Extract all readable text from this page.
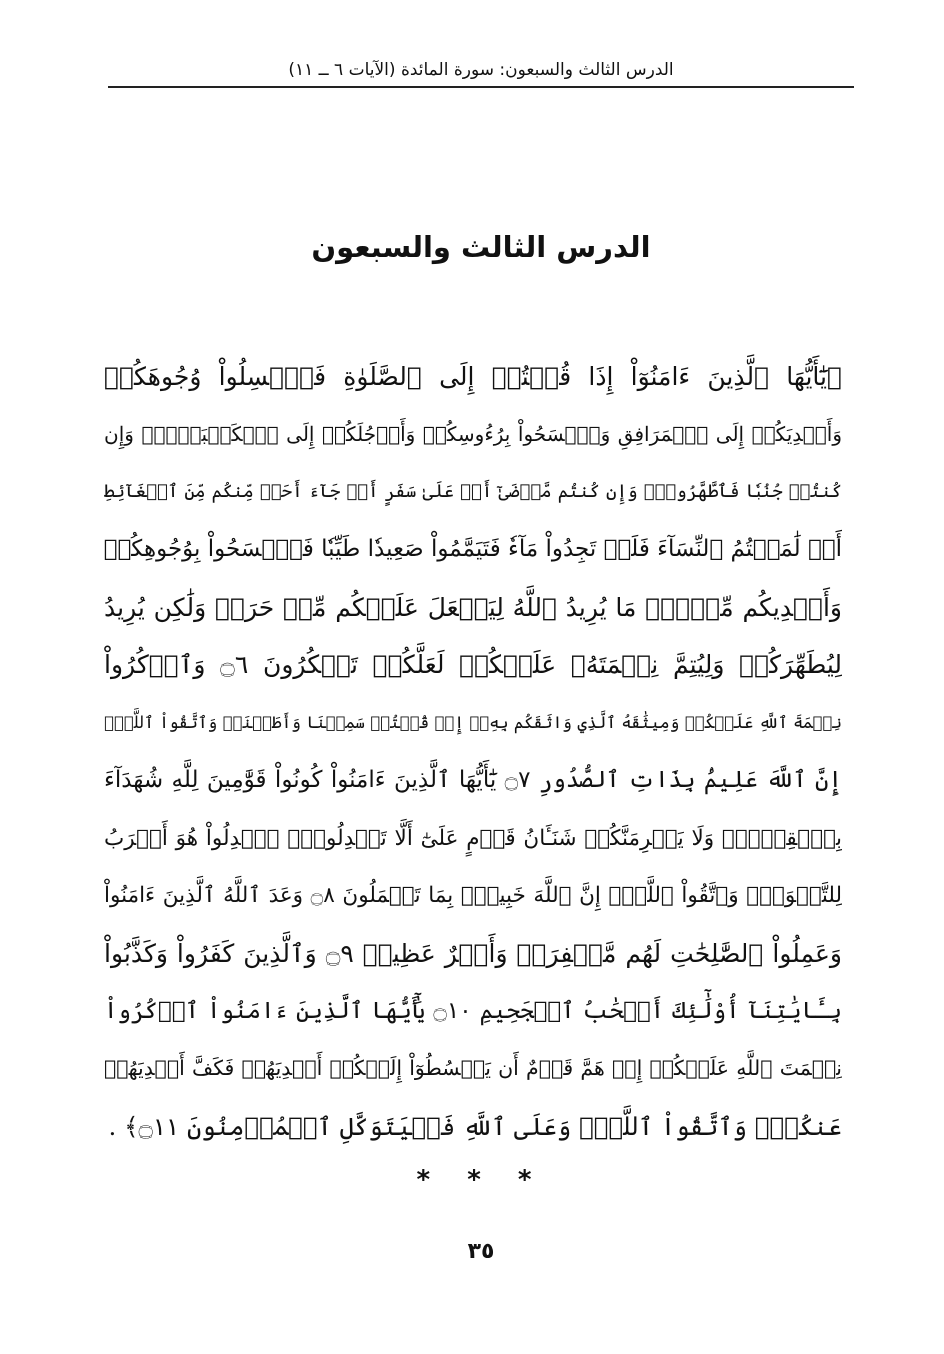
الدرس الثالث والسبعون: سورة المائدة (الآيات ٦ ــ ١١)
الدرس الثالث والسبعون
﴿يَٰٓأَيُّهَا ٱلَّذِينَ ءَامَنُوٓاْ إِذَا قُمۡتُمۡ إِلَى ٱلصَّلَوٰةِ فَٱغۡسِلُواْ وُجُوهَكُمۡ
وَأَيۡدِيَكُمۡ إِلَى ٱلۡمَرَافِقِ وَٱمۡسَحُواْ بِرُءُوسِكُمۡ وَأَرۡجُلَكُمۡ إِلَى ٱلۡكَعۡبَيۡنِۚ وَإِن
كُنتُمۡ جُنُبٗا فَٱطَّهَّرُواْۚ وَإِن كُنتُم مَّرۡضَىٰٓ أَوۡ عَلَىٰ سَفَرٍ أَوۡ جَآءَ أَحَدٞ مِّنكُم مِّنَ ٱلۡغَآئِطِ
أَوۡ لَٰمَسۡتُمُ ٱلنِّسَآءَ فَلَمۡ تَجِدُواْ مَآءٗ فَتَيَمَّمُواْ صَعِيدٗا طَيِّبٗا فَٱمۡسَحُواْ بِوُجُوهِكُمۡ
وَأَيۡدِيكُم مِّنۡهُۚ مَا يُرِيدُ ٱللَّهُ لِيَجۡعَلَ عَلَيۡكُم مِّنۡ حَرَجٖ وَلَٰكِن يُرِيدُ
لِيُطَهِّرَكُمۡ وَلِيُتِمَّ نِعۡمَتَهُۥ عَلَيۡكُمۡ لَعَلَّكُمۡ تَشۡكُرُونَ ۝٦ وَٱذۡكُرُواْ
نِعۡمَةَ ٱللَّهِ عَلَيۡكُمۡ وَمِيثَٰقَهُ ٱلَّذِي وَاثَقَكُم بِهِۦٓ إِذۡ قُلۡتُمۡ سَمِعۡنَا وَأَطَعۡنَاۖ وَٱتَّقُواْ ٱللَّهَۚ
إِنَّ ٱللَّهَ عَلِيمُۢ بِذَاتِ ٱلصُّدُورِ ۝٧ يَٰٓأَيُّهَا ٱلَّذِينَ ءَامَنُواْ كُونُواْ قَوَّٰمِينَ لِلَّهِ شُهَدَآءَ
بِٱلۡقِسۡطِۖ وَلَا يَجۡرِمَنَّكُمۡ شَنَـَٔانُ قَوۡمٍ عَلَىٰٓ أَلَّا تَعۡدِلُواْۚ ٱعۡدِلُواْ هُوَ أَقۡرَبُ
لِلتَّقۡوَىٰۖ وَٱتَّقُواْ ٱللَّهَۚ إِنَّ ٱللَّهَ خَبِيرُۢ بِمَا تَعۡمَلُونَ ۝٨ وَعَدَ ٱللَّهُ ٱلَّذِينَ ءَامَنُواْ
وَعَمِلُواْ ٱلصَّٰلِحَٰتِ لَهُم مَّغۡفِرَةٞ وَأَجۡرٌ عَظِيمٞ ۝٩ وَٱلَّذِينَ كَفَرُواْ وَكَذَّبُواْ
بِـَٔايَٰتِنَآ أُوْلَٰٓئِكَ أَصۡحَٰبُ ٱلۡجَحِيمِ ۝١٠ يَٰٓأَيُّهَا ٱلَّذِينَ ءَامَنُواْ ٱذۡكُرُواْ
نِعۡمَتَ ٱللَّهِ عَلَيۡكُمۡ إِذۡ هَمَّ قَوۡمٌ أَن يَبۡسُطُوٓاْ إِلَيۡكُمۡ أَيۡدِيَهُمۡ فَكَفَّ أَيۡدِيَهُمۡ
عَنكُمۡۖ وَٱتَّقُواْ ٱللَّهَۚ وَعَلَى ٱللَّهِ فَلۡيَتَوَكَّلِ ٱلۡمُؤۡمِنُونَ ۝١١﴾ .
* * *
٣٥
